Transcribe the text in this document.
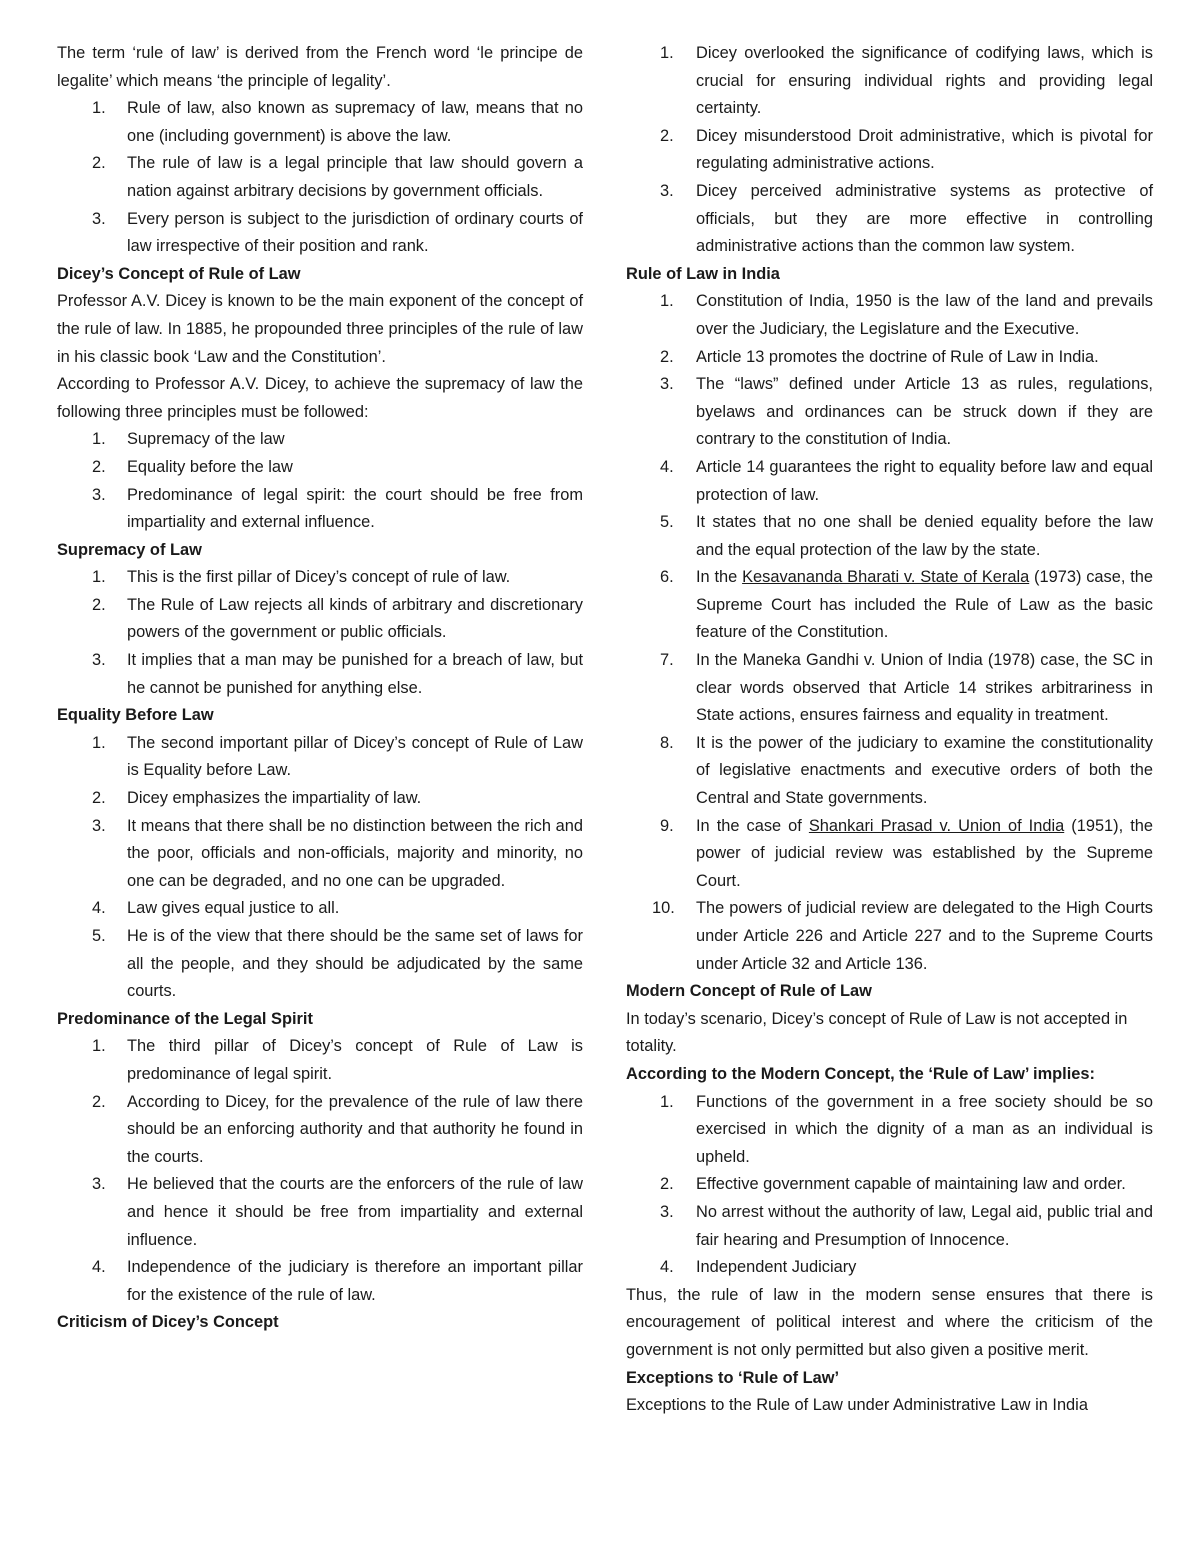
The term ‘rule of law’ is derived from the French word ‘le principe de legalite’ which means ‘the principle of legality’.

1. Rule of law, also known as supremacy of law, means that no one (including government) is above the law.
2. The rule of law is a legal principle that law should govern a nation against arbitrary decisions by government officials.
3. Every person is subject to the jurisdiction of ordinary courts of law irrespective of their position and rank.
Dicey’s Concept of Rule of Law

Professor A.V. Dicey is known to be the main exponent of the concept of the rule of law. In 1885, he propounded three principles of the rule of law in his classic book ‘Law and the Constitution’.

According to Professor A.V. Dicey, to achieve the supremacy of law the following three principles must be followed:

1. Supremacy of the law
2. Equality before the law
3. Predominance of legal spirit: the court should be free from impartiality and external influence.
Supremacy of Law
1. This is the first pillar of Dicey’s concept of rule of law.
2. The Rule of Law rejects all kinds of arbitrary and discretionary powers of the government or public officials.
3. It implies that a man may be punished for a breach of law, but he cannot be punished for anything else.
Equality Before Law
1. The second important pillar of Dicey’s concept of Rule of Law is Equality before Law.
2. Dicey emphasizes the impartiality of law.
3. It means that there shall be no distinction between the rich and the poor, officials and non-officials, majority and minority, no one can be degraded, and no one can be upgraded.
4. Law gives equal justice to all.
5. He is of the view that there should be the same set of laws for all the people, and they should be adjudicated by the same courts.
Predominance of the Legal Spirit
1. The third pillar of Dicey’s concept of Rule of Law is predominance of legal spirit.
2. According to Dicey, for the prevalence of the rule of law there should be an enforcing authority and that authority he found in the courts.
3. He believed that the courts are the enforcers of the rule of law and hence it should be free from impartiality and external influence.
4. Independence of the judiciary is therefore an important pillar for the existence of the rule of law.
Criticism of Dicey’s Concept
1. Dicey overlooked the significance of codifying laws, which is crucial for ensuring individual rights and providing legal certainty.
2. Dicey misunderstood Droit administrative, which is pivotal for regulating administrative actions.
3. Dicey perceived administrative systems as protective of officials, but they are more effective in controlling administrative actions than the common law system.
Rule of Law in India
1. Constitution of India, 1950 is the law of the land and prevails over the Judiciary, the Legislature and the Executive.
2. Article 13 promotes the doctrine of Rule of Law in India.
3. The “laws” defined under Article 13 as rules, regulations, byelaws and ordinances can be struck down if they are contrary to the constitution of India.
4. Article 14 guarantees the right to equality before law and equal protection of law.
5. It states that no one shall be denied equality before the law and the equal protection of the law by the state.
6. In the Kesavananda Bharati v. State of Kerala (1973) case, the Supreme Court has included the Rule of Law as the basic feature of the Constitution.
7. In the Maneka Gandhi v. Union of India (1978) case, the SC in clear words observed that Article 14 strikes arbitrariness in State actions, ensures fairness and equality in treatment.
8. It is the power of the judiciary to examine the constitutionality of legislative enactments and executive orders of both the Central and State governments.
9. In the case of Shankari Prasad v. Union of India (1951), the power of judicial review was established by the Supreme Court.
10. The powers of judicial review are delegated to the High Courts under Article 226 and Article 227 and to the Supreme Courts under Article 32 and Article 136.
Modern Concept of Rule of Law

In today’s scenario, Dicey’s concept of Rule of Law is not accepted in totality.

According to the Modern Concept, the ‘Rule of Law’ implies:
1. Functions of the government in a free society should be so exercised in which the dignity of a man as an individual is upheld.
2. Effective government capable of maintaining law and order.
3. No arrest without the authority of law, Legal aid, public trial and fair hearing and Presumption of Innocence.
4. Independent Judiciary

Thus, the rule of law in the modern sense ensures that there is encouragement of political interest and where the criticism of the government is not only permitted but also given a positive merit.

Exceptions to ‘Rule of Law’

Exceptions to the Rule of Law under Administrative Law in India
